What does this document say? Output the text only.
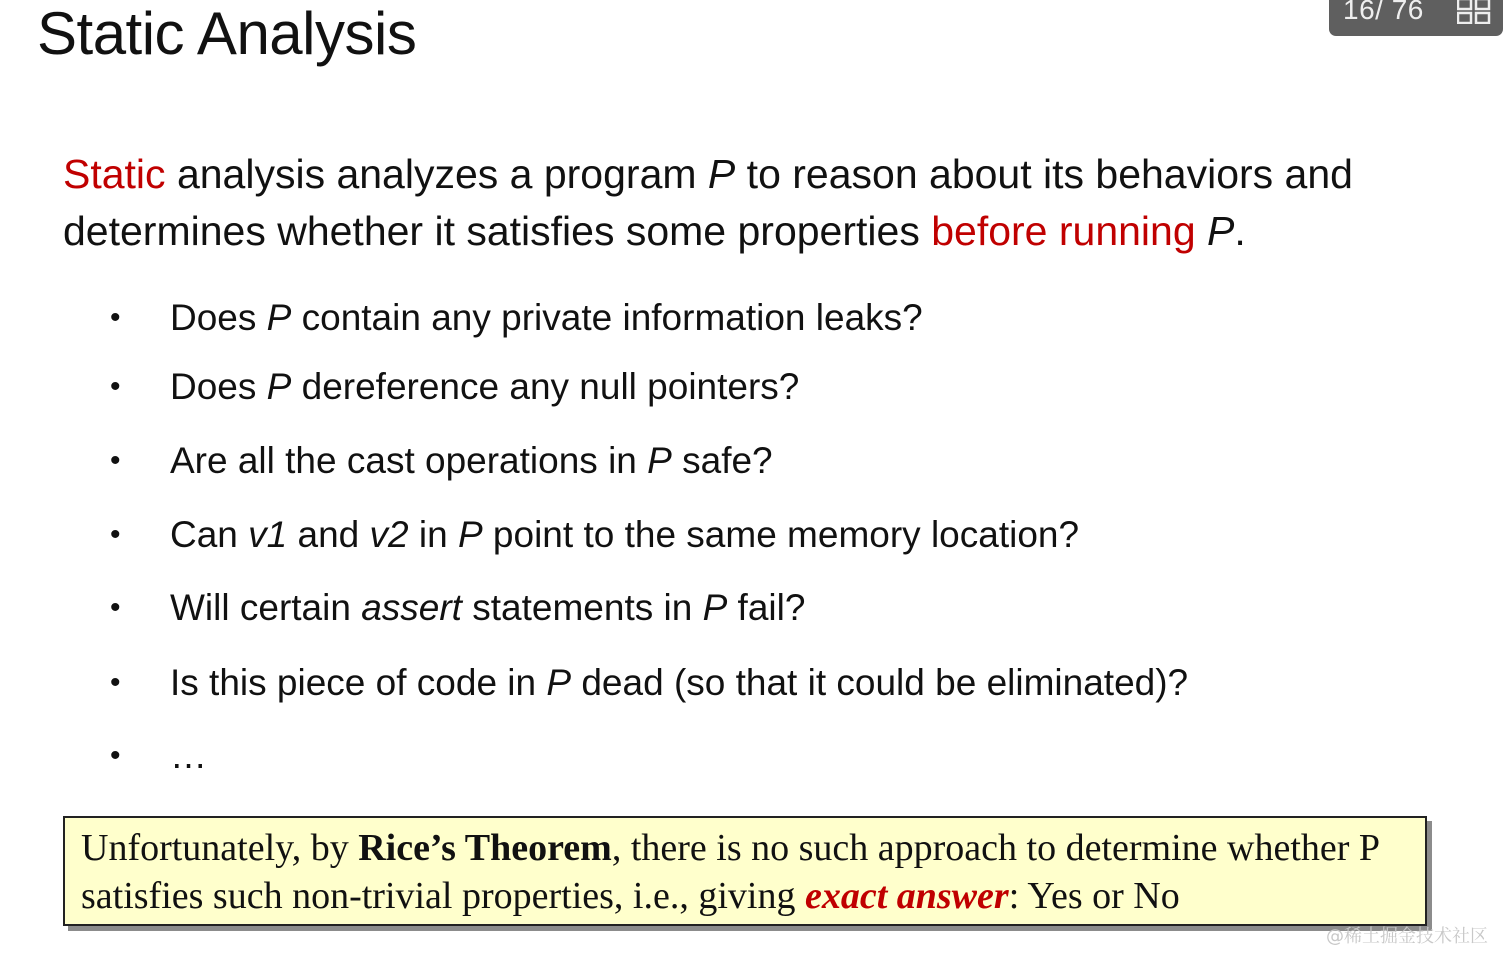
Static Analysis	16/ 76

Static analysis analyzes a program P to reason about its behaviors and determines whether it satisfies some properties before running P.

• Does P contain any private information leaks?
• Does P dereference any null pointers?
• Are all the cast operations in P safe?
• Can v1 and v2 in P point to the same memory location?
• Will certain assert statements in P fail?
• Is this piece of code in P dead (so that it could be eliminated)?
• …
Unfortunately, by Rice’s Theorem, there is no such approach to determine whether P satisfies such non-trivial properties, i.e., giving exact answer: Yes or No
@稀土掘金技术社区
